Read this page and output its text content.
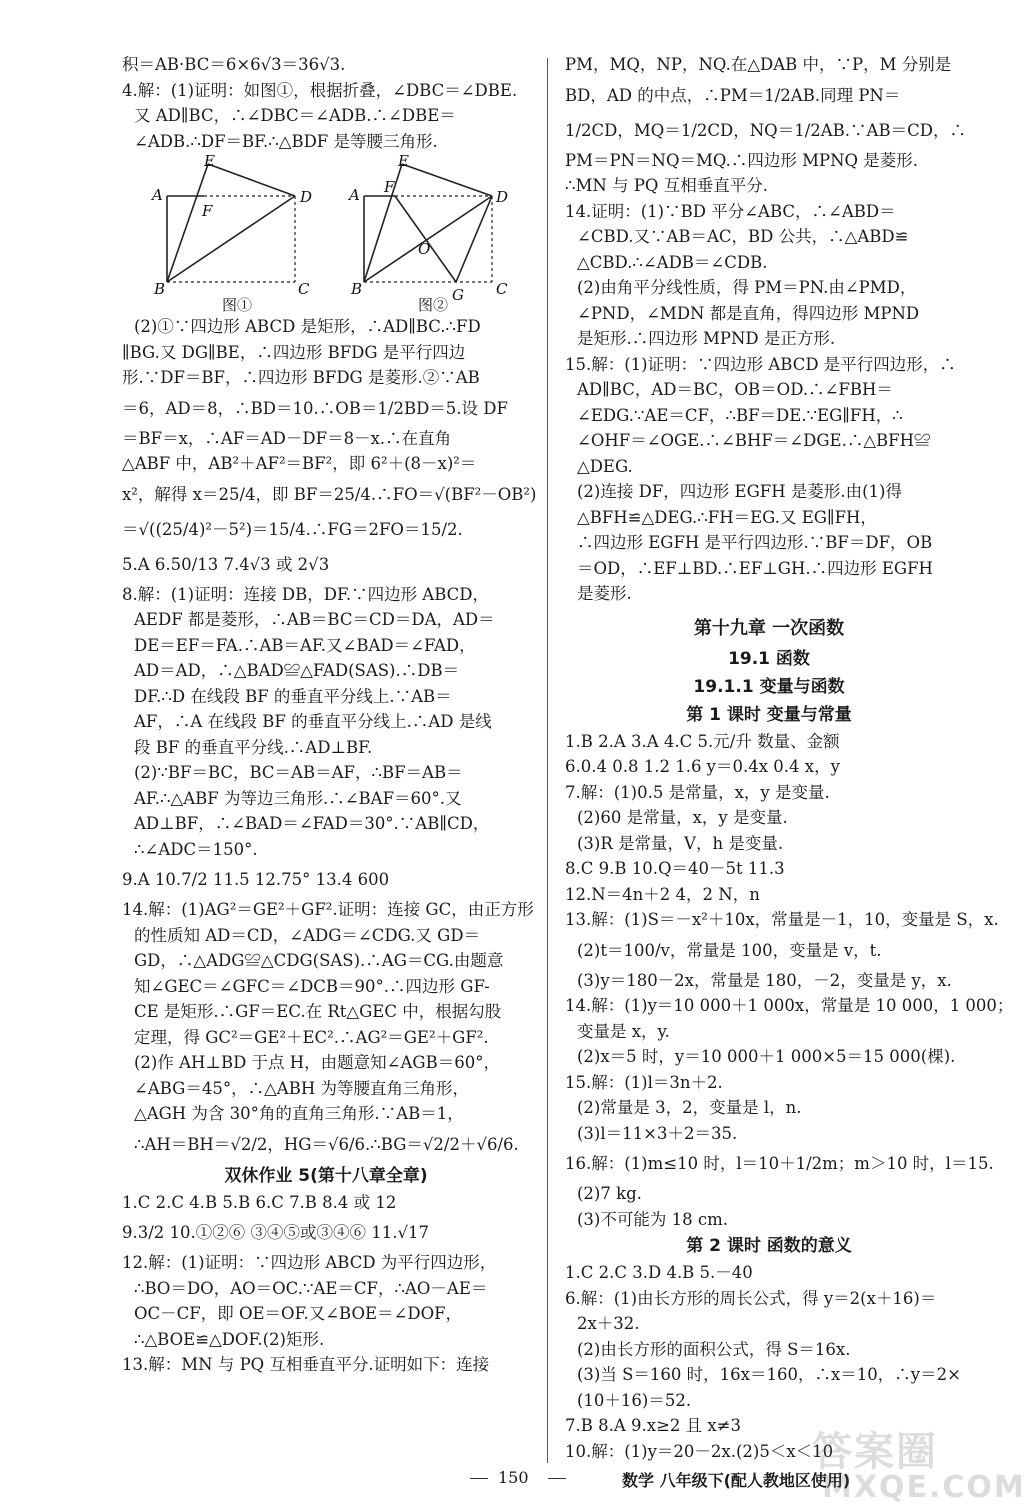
积＝AB·BC＝6×6√3＝36√3.
4.解：(1)证明：如图①，根据折叠，∠DBC＝∠DBE.
又 AD∥BC，∴∠DBC＝∠ADB.∴∠DBE＝
∠ADB.∴DF＝BF.∴△BDF 是等腰三角形.
A
B	C
D
E
F
图①
A
B	C
D
E
F
G
O
图②
(2)①∵四边形 ABCD 是矩形，∴AD∥BC.∴FD
∥BG.又 DG∥BE，∴四边形 BFDG 是平行四边
形.∵DF＝BF，∴四边形 BFDG 是菱形.②∵AB
＝6，AD＝8，∴BD＝10.∴OB＝1/2BD＝5.设 DF
＝BF＝x，∴AF＝AD－DF＝8－x.∴在直角
△ABF 中，AB²＋AF²＝BF²，即 6²＋(8－x)²＝
x²，解得 x＝25/4，即 BF＝25/4.∴FO＝√(BF²－OB²)
＝√((25/4)²－5²)＝15/4.∴FG＝2FO＝15/2.
5.A 6.50/13 7.4√3 或 2√3
8.解：(1)证明：连接 DB，DF.∵四边形 ABCD，
AEDF 都是菱形，∴AB＝BC＝CD＝DA，AD＝
DE＝EF＝FA.∴AB＝AF.又∠BAD＝∠FAD，
AD＝AD，∴△BAD≌△FAD(SAS).∴DB＝
DF.∴D 在线段 BF 的垂直平分线上.∵AB＝
AF，∴A 在线段 BF 的垂直平分线上.∴AD 是线
段 BF 的垂直平分线.∴AD⊥BF.
(2)∵BF＝BC，BC＝AB＝AF，∴BF＝AB＝
AF.∴△ABF 为等边三角形.∴∠BAF＝60°.又
AD⊥BF，∴∠BAD＝∠FAD＝30°.∵AB∥CD，
∴∠ADC＝150°.
9.A 10.7/2 11.5 12.75° 13.4 600
14.解：(1)AG²＝GE²＋GF².证明：连接 GC，由正方形
的性质知 AD＝CD，∠ADG＝∠CDG.又 GD＝
GD，∴△ADG≌△CDG(SAS).∴AG＝CG.由题意
知∠GEC＝∠GFC＝∠DCB＝90°.∴四边形 GF-
CE 是矩形.∴GF＝EC.在 Rt△GEC 中，根据勾股
定理，得 GC²＝GE²＋EC².∴AG²＝GE²＋GF².
(2)作 AH⊥BD 于点 H，由题意知∠AGB＝60°，
∠ABG＝45°，∴△ABH 为等腰直角三角形，
△AGH 为含 30°角的直角三角形.∵AB＝1，
∴AH＝BH＝√2/2，HG＝√6/6.∴BG＝√2/2＋√6/6.
双休作业 5(第十八章全章)
1.C 2.C 4.B 5.B 6.C 7.B 8.4 或 12
9.3/2 10.①②⑥ ③④⑤或③④⑥ 11.√17
12.解：(1)证明：∵四边形 ABCD 为平行四边形，
∴BO＝DO，AO＝OC.∵AE＝CF，∴AO－AE＝
OC－CF，即 OE＝OF.又∠BOE＝∠DOF，
∴△BOE≌△DOF.(2)矩形.
13.解：MN 与 PQ 互相垂直平分.证明如下：连接
PM，MQ，NP，NQ.在△DAB 中，∵P，M 分别是
BD，AD 的中点，∴PM＝1/2AB.同理 PN＝
1/2CD，MQ＝1/2CD，NQ＝1/2AB.∵AB＝CD，∴
PM＝PN＝NQ＝MQ.∴四边形 MPNQ 是菱形.
∴MN 与 PQ 互相垂直平分.
14.证明：(1)∵BD 平分∠ABC，∴∠ABD＝
∠CBD.又∵AB＝AC，BD 公共，∴△ABD≌
△CBD.∴∠ADB＝∠CDB.
(2)由角平分线性质，得 PM＝PN.由∠PMD，
∠PND，∠MDN 都是直角，得四边形 MPND
是矩形.∴四边形 MPND 是正方形.
15.解：(1)证明：∵四边形 ABCD 是平行四边形，∴
AD∥BC，AD＝BC，OB＝OD.∴∠FBH＝
∠EDG.∵AE＝CF，∴BF＝DE.∵EG∥FH，∴
∠OHF＝∠OGE.∴∠BHF＝∠DGE.∴△BFH≌
△DEG.
(2)连接 DF，四边形 EGFH 是菱形.由(1)得
△BFH≌△DEG.∴FH＝EG.又 EG∥FH，
∴四边形 EGFH 是平行四边形.∵BF＝DF，OB
＝OD，∴EF⊥BD.∴EF⊥GH.∴四边形 EGFH
是菱形.
第十九章 一次函数
19.1 函数
19.1.1 变量与函数
第 1 课时 变量与常量
1.B 2.A 3.A 4.C 5.元/升 数量、金额
6.0.4 0.8 1.2 1.6 y＝0.4x 0.4 x，y
7.解：(1)0.5 是常量，x，y 是变量.
(2)60 是常量，x，y 是变量.
(3)R 是常量，V，h 是变量.
8.C 9.B 10.Q＝40－5t 11.3
12.N＝4n＋2 4，2 N，n
13.解：(1)S＝－x²＋10x，常量是－1，10，变量是 S，x.
(2)t＝100/v，常量是 100，变量是 v，t.
(3)y＝180－2x，常量是 180，－2，变量是 y，x.
14.解：(1)y＝10 000＋1 000x，常量是 10 000，1 000；
变量是 x，y.
(2)x＝5 时，y＝10 000＋1 000×5＝15 000(棵).
15.解：(1)l＝3n＋2.
(2)常量是 3，2，变量是 l，n.
(3)l＝11×3＋2＝35.
16.解：(1)m≤10 时，l＝10＋1/2m；m＞10 时，l＝15.
(2)7 kg.
(3)不可能为 18 cm.
第 2 课时 函数的意义
1.C 2.C 3.D 4.B 5.－40
6.解：(1)由长方形的周长公式，得 y＝2(x＋16)＝
2x＋32.
(2)由长方形的面积公式，得 S＝16x.
(3)当 S＝160 时，16x＝160，∴x＝10，∴y＝2×
(10＋16)＝52.
7.B 8.A 9.x≥2 且 x≠3
10.解：(1)y＝20－2x.(2)5＜x＜10
150	数学 八年级下(配人教地区使用)
答案圈
MXQE.COM
